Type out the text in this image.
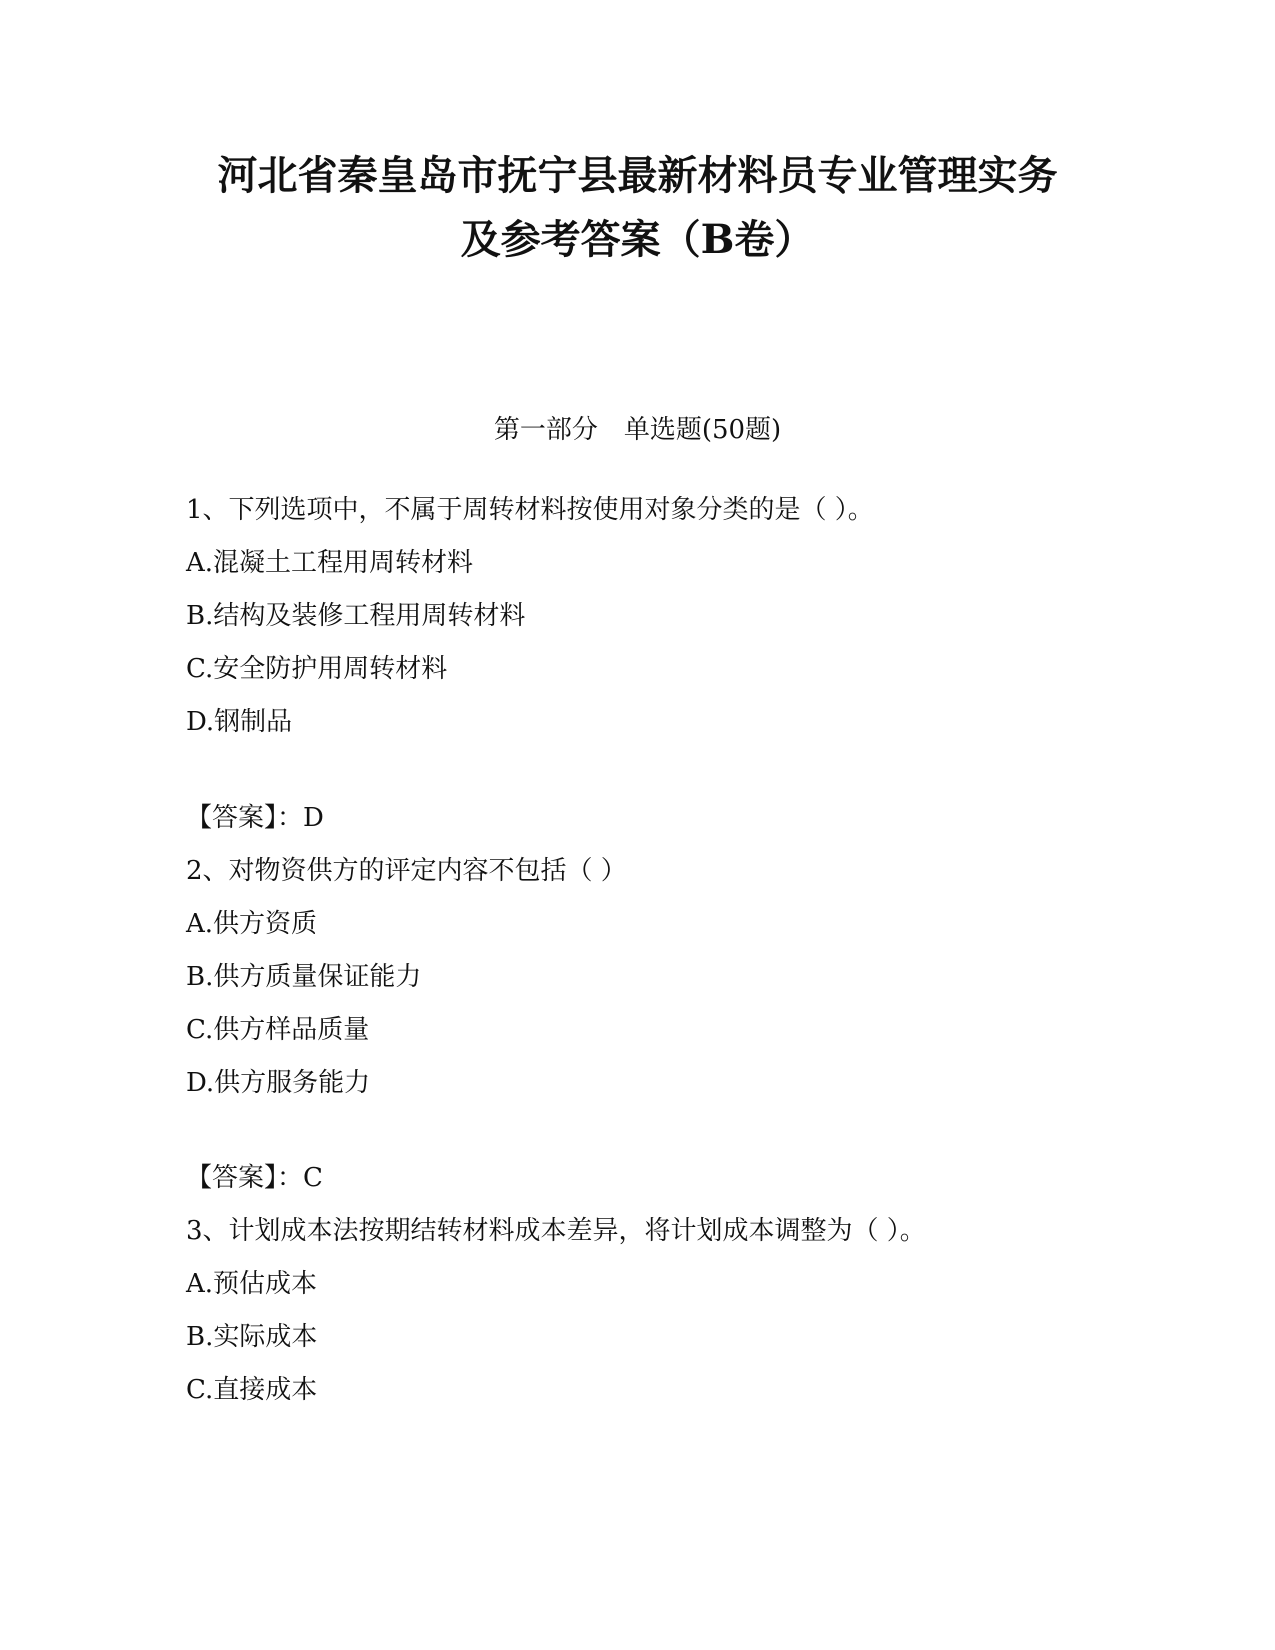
河北省秦皇岛市抚宁县最新材料员专业管理实务
及参考答案（B卷）
第一部分　单选题(50题)
1、下列选项中，不属于周转材料按使用对象分类的是（ ）。
A.混凝土工程用周转材料
B.结构及装修工程用周转材料
C.安全防护用周转材料
D.钢制品
【答案】：D
2、对物资供方的评定内容不包括（ ）
A.供方资质
B.供方质量保证能力
C.供方样品质量
D.供方服务能力
【答案】：C
3、计划成本法按期结转材料成本差异，将计划成本调整为（ ）。
A.预估成本
B.实际成本
C.直接成本
